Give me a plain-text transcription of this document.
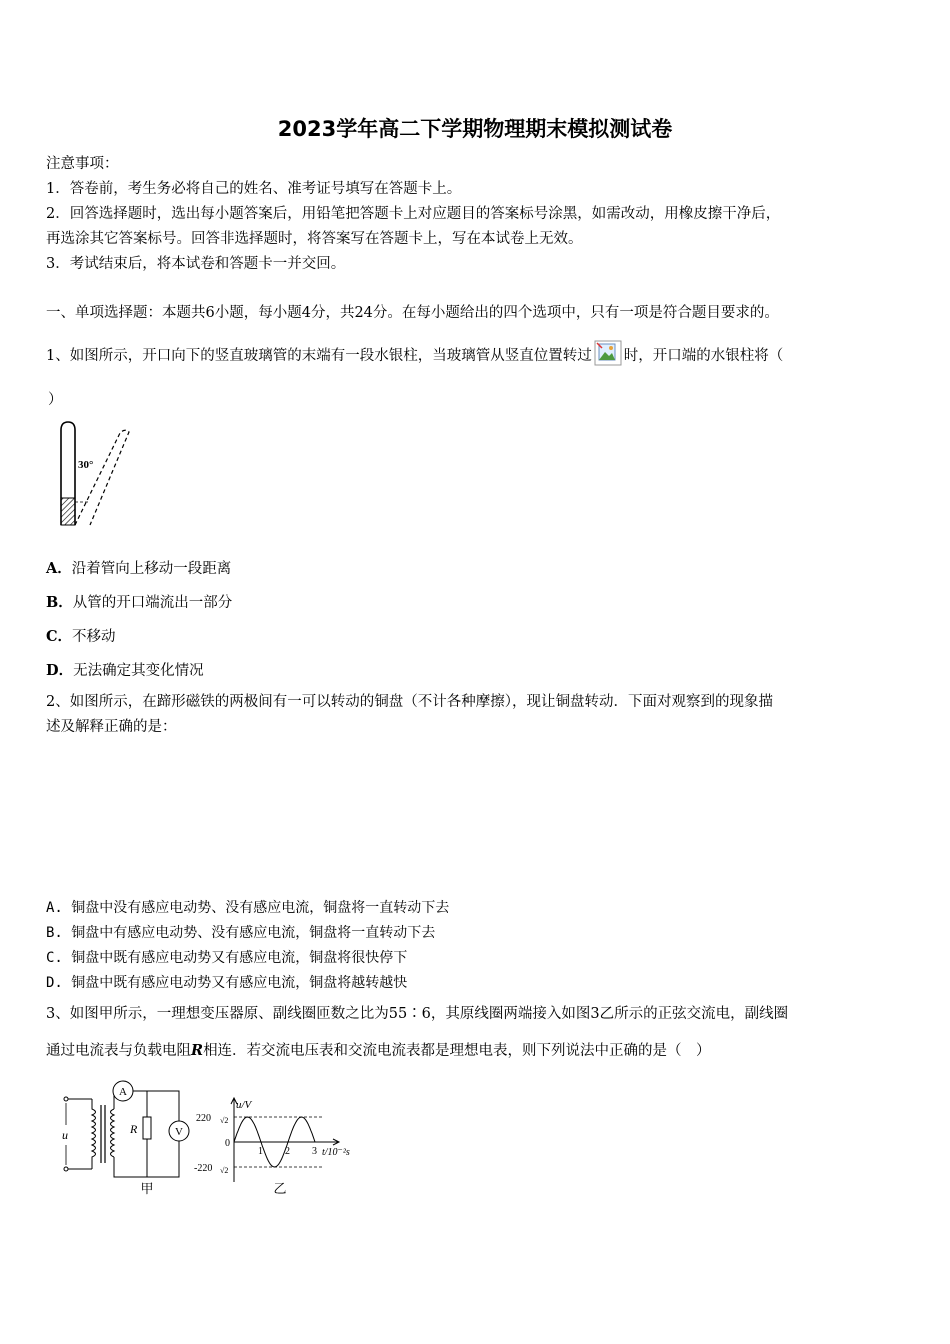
2023学年高二下学期物理期末模拟测试卷
注意事项：
1．答卷前，考生务必将自己的姓名、准考证号填写在答题卡上。
2．回答选择题时，选出每小题答案后，用铅笔把答题卡上对应题目的答案标号涂黑，如需改动，用橡皮擦干净后，
再选涂其它答案标号。回答非选择题时，将答案写在答题卡上，写在本试卷上无效。
3．考试结束后，将本试卷和答题卡一并交回。
一、单项选择题：本题共6小题，每小题4分，共24分。在每小题给出的四个选项中，只有一项是符合题目要求的。
1、如图所示，开口向下的竖直玻璃管的末端有一段水银柱，当玻璃管从竖直位置转过 时，开口端的水银柱将（
）
30°
A．沿着管向上移动一段距离
B．从管的开口端流出一部分
C．不移动
D．无法确定其变化情况
2、如图所示，在蹄形磁铁的两极间有一可以转动的铜盘（不计各种摩擦），现让铜盘转动．下面对观察到的现象描
述及解释正确的是：
A. 铜盘中没有感应电动势、没有感应电流，铜盘将一直转动下去
B. 铜盘中有感应电动势、没有感应电流，铜盘将一直转动下去
C. 铜盘中既有感应电动势又有感应电流，铜盘将很快停下
D. 铜盘中既有感应电动势又有感应电流，铜盘将越转越快
3、如图甲所示，一理想变压器原、副线圈匝数之比为55∶6，其原线圈两端接入如图3乙所示的正弦交流电，副线圈
通过电流表与负载电阻R相连．若交流电压表和交流电流表都是理想电表，则下列说法中正确的是（　）
u
A
R	V
甲
u/V
220 √2
-220 √2
0
1 2 3 t/10⁻²s
乙
